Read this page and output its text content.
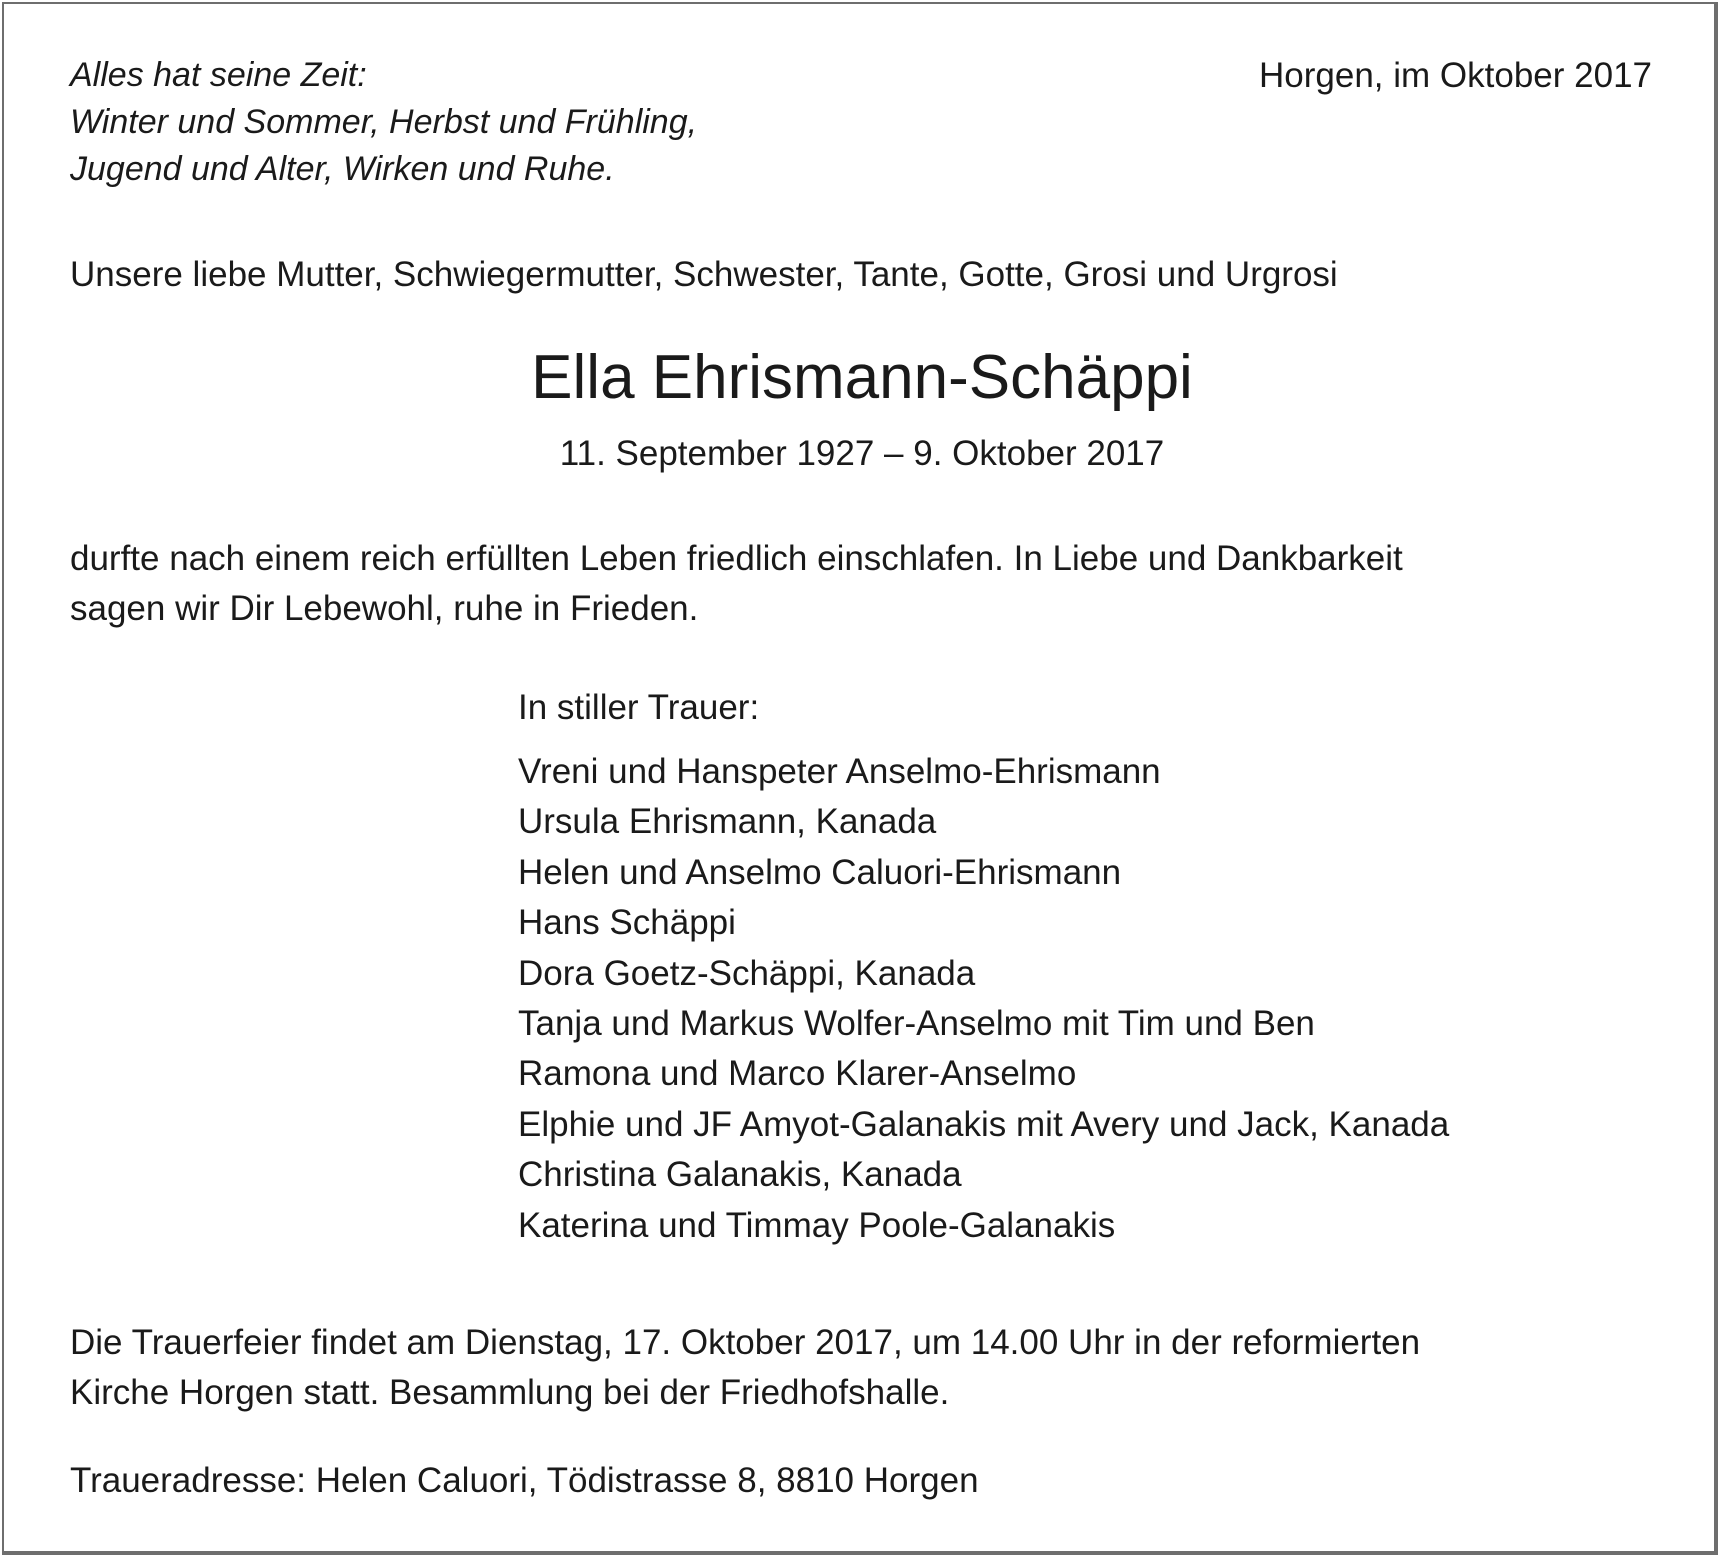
Alles hat seine Zeit:
Winter und Sommer, Herbst und Frühling,
Jugend und Alter, Wirken und Ruhe.
Horgen, im Oktober 2017
Unsere liebe Mutter, Schwiegermutter, Schwester, Tante, Gotte, Grosi und Urgrosi
Ella Ehrismann-Schäppi
11. September 1927 – 9. Oktober 2017
durfte nach einem reich erfüllten Leben friedlich einschlafen. In Liebe und Dankbarkeit
sagen wir Dir Lebewohl, ruhe in Frieden.
In stiller Trauer:
Vreni und Hanspeter Anselmo-Ehrismann
Ursula Ehrismann, Kanada
Helen und Anselmo Caluori-Ehrismann
Hans Schäppi
Dora Goetz-Schäppi, Kanada
Tanja und Markus Wolfer-Anselmo mit Tim und Ben
Ramona und Marco Klarer-Anselmo
Elphie und JF Amyot-Galanakis mit Avery und Jack, Kanada
Christina Galanakis, Kanada
Katerina und Timmay Poole-Galanakis
Die Trauerfeier findet am Dienstag, 17. Oktober 2017, um 14.00 Uhr in der reformierten
Kirche Horgen statt. Besammlung bei der Friedhofshalle.
Traueradresse: Helen Caluori, Tödistrasse 8, 8810 Horgen
